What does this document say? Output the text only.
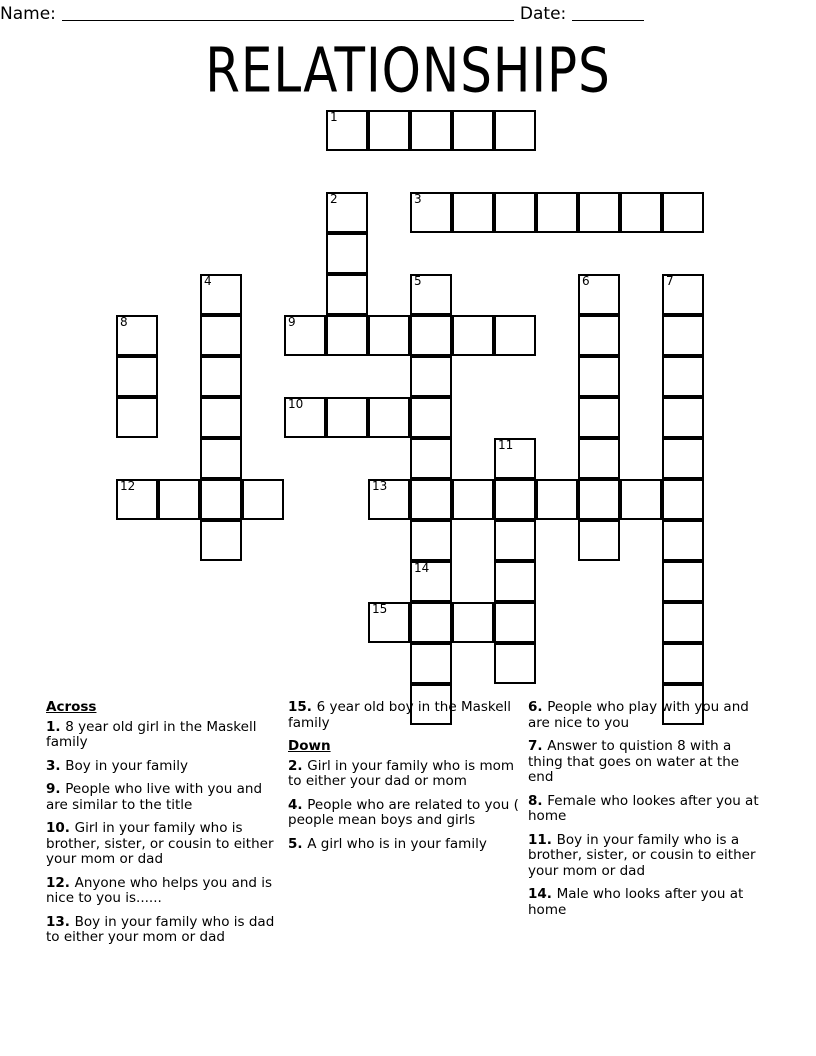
Name:	Date:
RELATIONSHIPS
1
2	3
4	5
14
6	7
8	9
10
11
12	13
15
Across
1. 8 year old girl in the Maskell family
3. Boy in your family
9. People who live with you and are similar to the title
10. Girl in your family who is brother, sister, or cousin to either your mom or dad
12. Anyone who helps you and is nice to you is......
13. Boy in your family who is dad to either your mom or dad
15. 6 year old boy in the Maskell family
Down
2. Girl in your family who is mom to either your dad or mom
4. People who are related to you ( people mean boys and girls
5. A girl who is in your family
6. People who play with you and are nice to you
7. Answer to quistion 8 with a thing that goes on water at the end
8. Female who lookes after you at home
11. Boy in your family who is a brother, sister, or cousin to either your mom or dad
14. Male who looks after you at home
